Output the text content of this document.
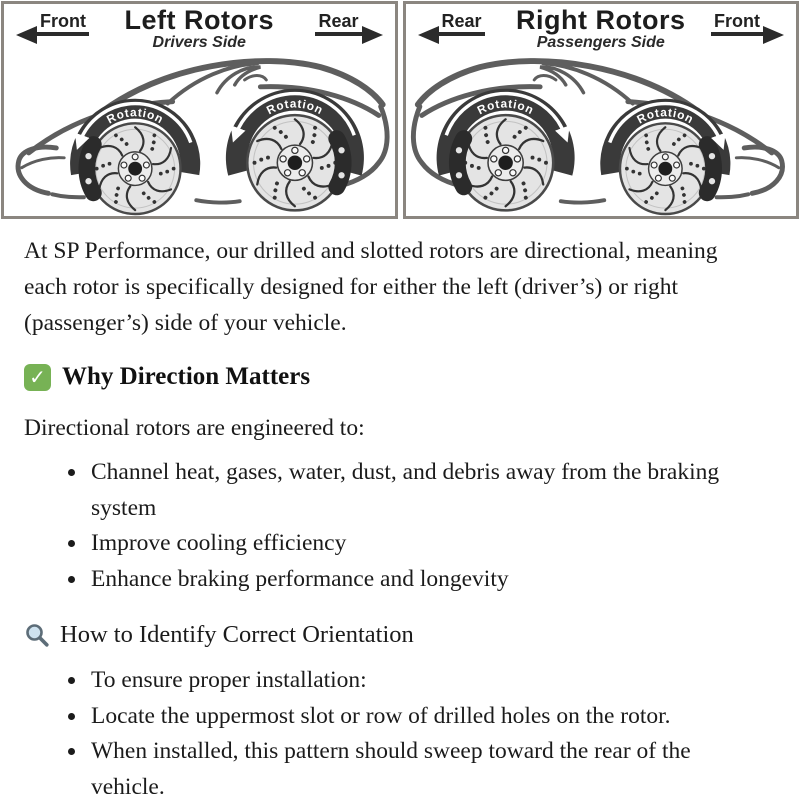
Front	Rear
Left Rotors
Drivers Side
Rotation
Rotation
Rear	Front
Right Rotors
Passengers Side
Rotation
Rotation

At SP Performance, our drilled and slotted rotors are directional, meaning each rotor is specifically designed for either the left (driver’s) or right (passenger’s) side of your vehicle.

✓ Why Direction Matters

Directional rotors are engineered to:

• Channel heat, gases, water, dust, and debris away from the braking system
• Improve cooling efficiency
• Enhance braking performance and longevity
How to Identify Correct Orientation
• To ensure proper installation:
• Locate the uppermost slot or row of drilled holes on the rotor.
• When installed, this pattern should sweep toward the rear of the vehicle.
